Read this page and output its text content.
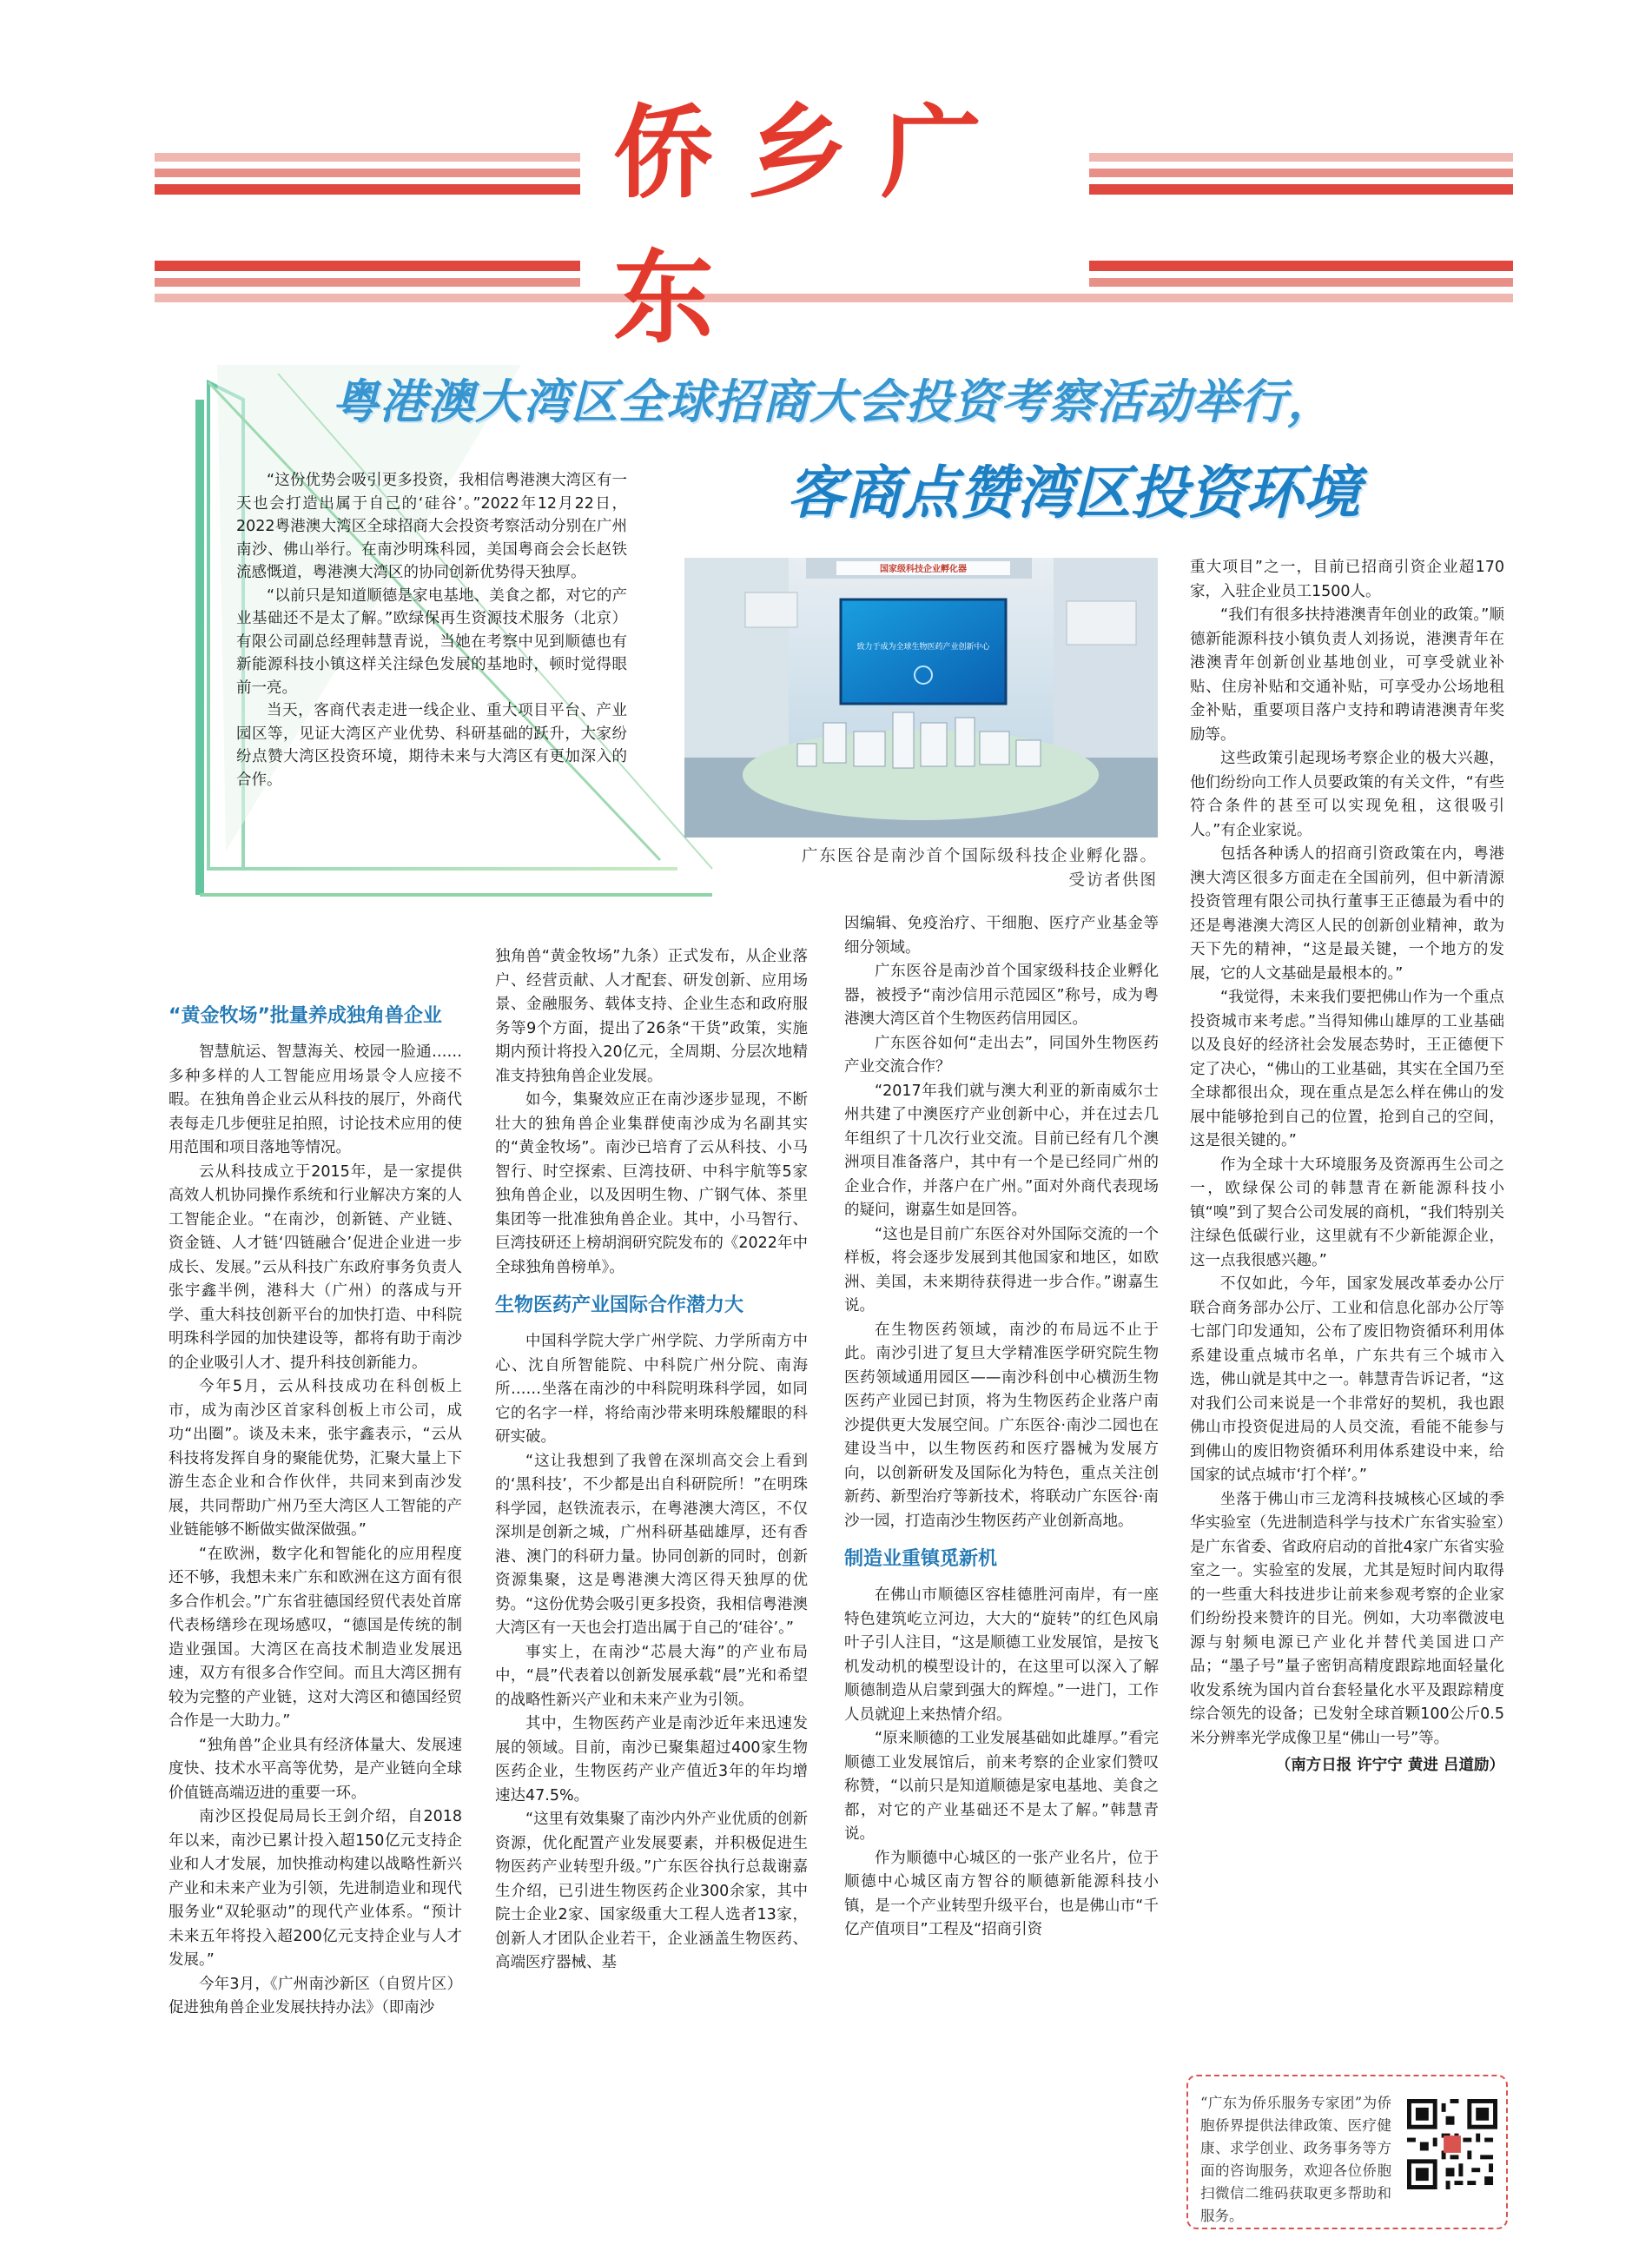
侨乡广东
粤港澳大湾区全球招商大会投资考察活动举行，
客商点赞湾区投资环境

“这份优势会吸引更多投资，我相信粤港澳大湾区有一天也会打造出属于自己的‘硅谷’。”2022年12月22日，2022粤港澳大湾区全球招商大会投资考察活动分别在广州南沙、佛山举行。在南沙明珠科园，美国粤商会会长赵铁流感慨道，粤港澳大湾区的协同创新优势得天独厚。

“以前只是知道顺德是家电基地、美食之都，对它的产业基础还不是太了解。”欧绿保再生资源技术服务（北京）有限公司副总经理韩慧青说，当她在考察中见到顺德也有新能源科技小镇这样关注绿色发展的基地时，顿时觉得眼前一亮。

当天，客商代表走进一线企业、重大项目平台、产业园区等，见证大湾区产业优势、科研基础的跃升，大家纷纷点赞大湾区投资环境，期待未来与大湾区有更加深入的合作。

国家级科技企业孵化器
致力于成为全球生物医药产业创新中心
广东医谷是南沙首个国际级科技企业孵化器。
受访者供图
“黄金牧场”批量养成独角兽企业

智慧航运、智慧海关、校园一脸通……多种多样的人工智能应用场景令人应接不暇。在独角兽企业云从科技的展厅，外商代表每走几步便驻足拍照，讨论技术应用的使用范围和项目落地等情况。

云从科技成立于2015年，是一家提供高效人机协同操作系统和行业解决方案的人工智能企业。“在南沙，创新链、产业链、资金链、人才链‘四链融合’促进企业进一步成长、发展。”云从科技广东政府事务负责人张宇鑫半例，港科大（广州）的落成与开学、重大科技创新平台的加快打造、中科院明珠科学园的加快建设等，都将有助于南沙的企业吸引人才、提升科技创新能力。

今年5月，云从科技成功在科创板上市，成为南沙区首家科创板上市公司，成功“出圈”。谈及未来，张宇鑫表示，“云从科技将发挥自身的聚能优势，汇聚大量上下游生态企业和合作伙伴，共同来到南沙发展，共同帮助广州乃至大湾区人工智能的产业链能够不断做实做深做强。”

“在欧洲，数字化和智能化的应用程度还不够，我想未来广东和欧洲在这方面有很多合作机会。”广东省驻德国经贸代表处首席代表杨缮珍在现场感叹，“德国是传统的制造业强国。大湾区在高技术制造业发展迅速，双方有很多合作空间。而且大湾区拥有较为完整的产业链，这对大湾区和德国经贸合作是一大助力。”

“独角兽”企业具有经济体量大、发展速度快、技术水平高等优势，是产业链向全球价值链高端迈进的重要一环。

南沙区投促局局长王剑介绍，自2018年以来，南沙已累计投入超150亿元支持企业和人才发展，加快推动构建以战略性新兴产业和未来产业为引领，先进制造业和现代服务业“双轮驱动”的现代产业体系。“预计未来五年将投入超200亿元支持企业与人才发展。”

今年3月，《广州南沙新区（自贸片区）促进独角兽企业发展扶持办法》（即南沙

独角兽“黄金牧场”九条）正式发布，从企业落户、经营贡献、人才配套、研发创新、应用场景、金融服务、载体支持、企业生态和政府服务等9个方面，提出了26条“干货”政策，实施期内预计将投入20亿元，全周期、分层次地精准支持独角兽企业发展。

如今，集聚效应正在南沙逐步显现，不断壮大的独角兽企业集群使南沙成为名副其实的“黄金牧场”。南沙已培育了云从科技、小马智行、时空探索、巨湾技研、中科宇航等5家独角兽企业，以及因明生物、广钢气体、茶里集团等一批准独角兽企业。其中，小马智行、巨湾技研还上榜胡润研究院发布的《2022年中全球独角兽榜单》。

生物医药产业国际合作潜力大

中国科学院大学广州学院、力学所南方中心、沈自所智能院、中科院广州分院、南海所……坐落在南沙的中科院明珠科学园，如同它的名字一样，将给南沙带来明珠般耀眼的科研实破。

“这让我想到了我曾在深圳高交会上看到的‘黑科技’，不少都是出自科研院所！”在明珠科学园，赵铁流表示，在粤港澳大湾区，不仅深圳是创新之城，广州科研基础雄厚，还有香港、澳门的科研力量。协同创新的同时，创新资源集聚，这是粤港澳大湾区得天独厚的优势。“这份优势会吸引更多投资，我相信粤港澳大湾区有一天也会打造出属于自己的‘硅谷’。”

事实上，在南沙“芯晨大海”的产业布局中，“晨”代表着以创新发展承载“晨”光和希望的战略性新兴产业和未来产业为引领。

其中，生物医药产业是南沙近年来迅速发展的领域。目前，南沙已聚集超过400家生物医药企业，生物医药产业产值近3年的年均增速达47.5%。

“这里有效集聚了南沙内外产业优质的创新资源，优化配置产业发展要素，并积极促进生物医药产业转型升级。”广东医谷执行总裁谢嘉生介绍，已引进生物医药企业300余家，其中院士企业2家、国家级重大工程人选者13家，创新人才团队企业若干，企业涵盖生物医药、高端医疗器械、基

因编辑、免疫治疗、干细胞、医疗产业基金等细分领域。

广东医谷是南沙首个国家级科技企业孵化器，被授予“南沙信用示范园区”称号，成为粤港澳大湾区首个生物医药信用园区。

广东医谷如何“走出去”，同国外生物医药产业交流合作？

“2017年我们就与澳大利亚的新南威尔士州共建了中澳医疗产业创新中心，并在过去几年组织了十几次行业交流。目前已经有几个澳洲项目准备落户，其中有一个是已经同广州的企业合作，并落户在广州。”面对外商代表现场的疑问，谢嘉生如是回答。

“这也是目前广东医谷对外国际交流的一个样板，将会逐步发展到其他国家和地区，如欧洲、美国，未来期待获得进一步合作。”谢嘉生说。

在生物医药领域，南沙的布局远不止于此。南沙引进了复旦大学精准医学研究院生物医药领域通用园区——南沙科创中心横沥生物医药产业园已封顶，将为生物医药企业落户南沙提供更大发展空间。广东医谷·南沙二园也在建设当中，以生物医药和医疗器械为发展方向，以创新研发及国际化为特色，重点关注创新药、新型治疗等新技术，将联动广东医谷·南沙一园，打造南沙生物医药产业创新高地。

制造业重镇觅新机

在佛山市顺德区容桂德胜河南岸，有一座特色建筑屹立河边，大大的“旋转”的红色风扇叶子引人注目，“这是顺德工业发展馆，是按飞机发动机的模型设计的，在这里可以深入了解顺德制造从启蒙到强大的辉煌。”一进门，工作人员就迎上来热情介绍。

“原来顺德的工业发展基础如此雄厚。”看完顺德工业发展馆后，前来考察的企业家们赞叹称赞，“以前只是知道顺德是家电基地、美食之都，对它的产业基础还不是太了解。”韩慧青说。

作为顺德中心城区的一张产业名片，位于顺德中心城区南方智谷的顺德新能源科技小镇，是一个产业转型升级平台，也是佛山市“千亿产值项目”工程及“招商引资

重大项目”之一，目前已招商引资企业超170家，入驻企业员工1500人。

“我们有很多扶持港澳青年创业的政策。”顺德新能源科技小镇负责人刘扬说，港澳青年在港澳青年创新创业基地创业，可享受就业补贴、住房补贴和交通补贴，可享受办公场地租金补贴，重要项目落户支持和聘请港澳青年奖励等。

这些政策引起现场考察企业的极大兴趣，他们纷纷向工作人员要政策的有关文件，“有些符合条件的甚至可以实现免租，这很吸引人。”有企业家说。

包括各种诱人的招商引资政策在内，粤港澳大湾区很多方面走在全国前列，但中新清源投资管理有限公司执行董事王正德最为看中的还是粤港澳大湾区人民的创新创业精神，敢为天下先的精神，“这是最关键，一个地方的发展，它的人文基础是最根本的。”

“我觉得，未来我们要把佛山作为一个重点投资城市来考虑。”当得知佛山雄厚的工业基础以及良好的经济社会发展态势时，王正德便下定了决心，“佛山的工业基础，其实在全国乃至全球都很出众，现在重点是怎么样在佛山的发展中能够抢到自己的位置，抢到自己的空间，这是很关键的。”

作为全球十大环境服务及资源再生公司之一，欧绿保公司的韩慧青在新能源科技小镇“嗅”到了契合公司发展的商机，“我们特别关注绿色低碳行业，这里就有不少新能源企业，这一点我很感兴趣。”

不仅如此，今年，国家发展改革委办公厅联合商务部办公厅、工业和信息化部办公厅等七部门印发通知，公布了废旧物资循环利用体系建设重点城市名单，广东共有三个城市入选，佛山就是其中之一。韩慧青告诉记者，“这对我们公司来说是一个非常好的契机，我也跟佛山市投资促进局的人员交流，看能不能参与到佛山的废旧物资循环利用体系建设中来，给国家的试点城市‘打个样’。”

坐落于佛山市三龙湾科技城核心区域的季华实验室（先进制造科学与技术广东省实验室）是广东省委、省政府启动的首批4家广东省实验室之一。实验室的发展，尤其是短时间内取得的一些重大科技进步让前来参观考察的企业家们纷纷投来赞许的目光。例如，大功率微波电源与射频电源已产业化并替代美国进口产品；“墨子号”量子密钥高精度跟踪地面轻量化收发系统为国内首台套轻量化水平及跟踪精度综合领先的设备；已发射全球首颗100公斤0.5米分辨率光学成像卫星“佛山一号”等。

（南方日报 许宁宁 黄进 吕道励）
“广东为侨乐服务专家团”为侨胞侨界提供法律政策、医疗健康、求学创业、政务事务等方面的咨询服务，欢迎各位侨胞扫微信二维码获取更多帮助和服务。
